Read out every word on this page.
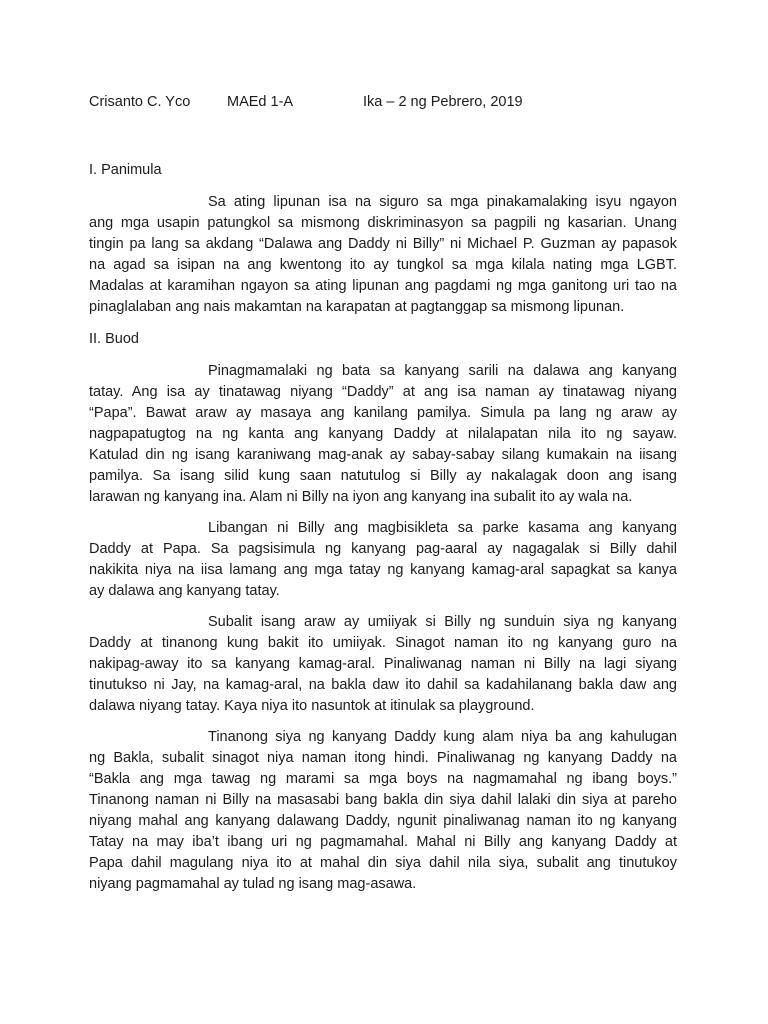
Crisanto C. Yco	MAEd 1-A	Ika – 2 ng Pebrero, 2019
I. Panimula
Sa ating lipunan isa na siguro sa mga pinakamalaking isyu ngayon
ang mga usapin patungkol sa mismong diskriminasyon sa pagpili ng kasarian. Unang
tingin pa lang sa akdang “Dalawa ang Daddy ni Billy” ni Michael P. Guzman ay papasok
na agad sa isipan na ang kwentong ito ay tungkol sa mga kilala nating mga LGBT.
Madalas at karamihan ngayon sa ating lipunan ang pagdami ng mga ganitong uri tao na
pinaglalaban ang nais makamtan na karapatan at pagtanggap sa mismong lipunan.
II. Buod
Pinagmamalaki ng bata sa kanyang sarili na dalawa ang kanyang
tatay. Ang isa ay tinatawag niyang “Daddy” at ang isa naman ay tinatawag niyang
“Papa”. Bawat araw ay masaya ang kanilang pamilya. Simula pa lang ng araw ay
nagpapatugtog na ng kanta ang kanyang Daddy at nilalapatan nila ito ng sayaw.
Katulad din ng isang karaniwang mag-anak ay sabay-sabay silang kumakain na iisang
pamilya. Sa isang silid kung saan natutulog si Billy ay nakalagak doon ang isang
larawan ng kanyang ina. Alam ni Billy na iyon ang kanyang ina subalit ito ay wala na.
Libangan ni Billy ang magbisikleta sa parke kasama ang kanyang
Daddy at Papa. Sa pagsisimula ng kanyang pag-aaral ay nagagalak si Billy dahil
nakikita niya na iisa lamang ang mga tatay ng kanyang kamag-aral sapagkat sa kanya
ay dalawa ang kanyang tatay.
Subalit isang araw ay umiiyak si Billy ng sunduin siya ng kanyang
Daddy at tinanong kung bakit ito umiiyak. Sinagot naman ito ng kanyang guro na
nakipag-away ito sa kanyang kamag-aral. Pinaliwanag naman ni Billy na lagi siyang
tinutukso ni Jay, na kamag-aral, na bakla daw ito dahil sa kadahilanang bakla daw ang
dalawa niyang tatay. Kaya niya ito nasuntok at itinulak sa playground.
Tinanong siya ng kanyang Daddy kung alam niya ba ang kahulugan
ng Bakla, subalit sinagot niya naman itong hindi. Pinaliwanag ng kanyang Daddy na
“Bakla ang mga tawag ng marami sa mga boys na nagmamahal ng ibang boys.”
Tinanong naman ni Billy na masasabi bang bakla din siya dahil lalaki din siya at pareho
niyang mahal ang kanyang dalawang Daddy, ngunit pinaliwanag naman ito ng kanyang
Tatay na may iba’t ibang uri ng pagmamahal. Mahal ni Billy ang kanyang Daddy at
Papa dahil magulang niya ito at mahal din siya dahil nila siya, subalit ang tinutukoy
niyang pagmamahal ay tulad ng isang mag-asawa.
